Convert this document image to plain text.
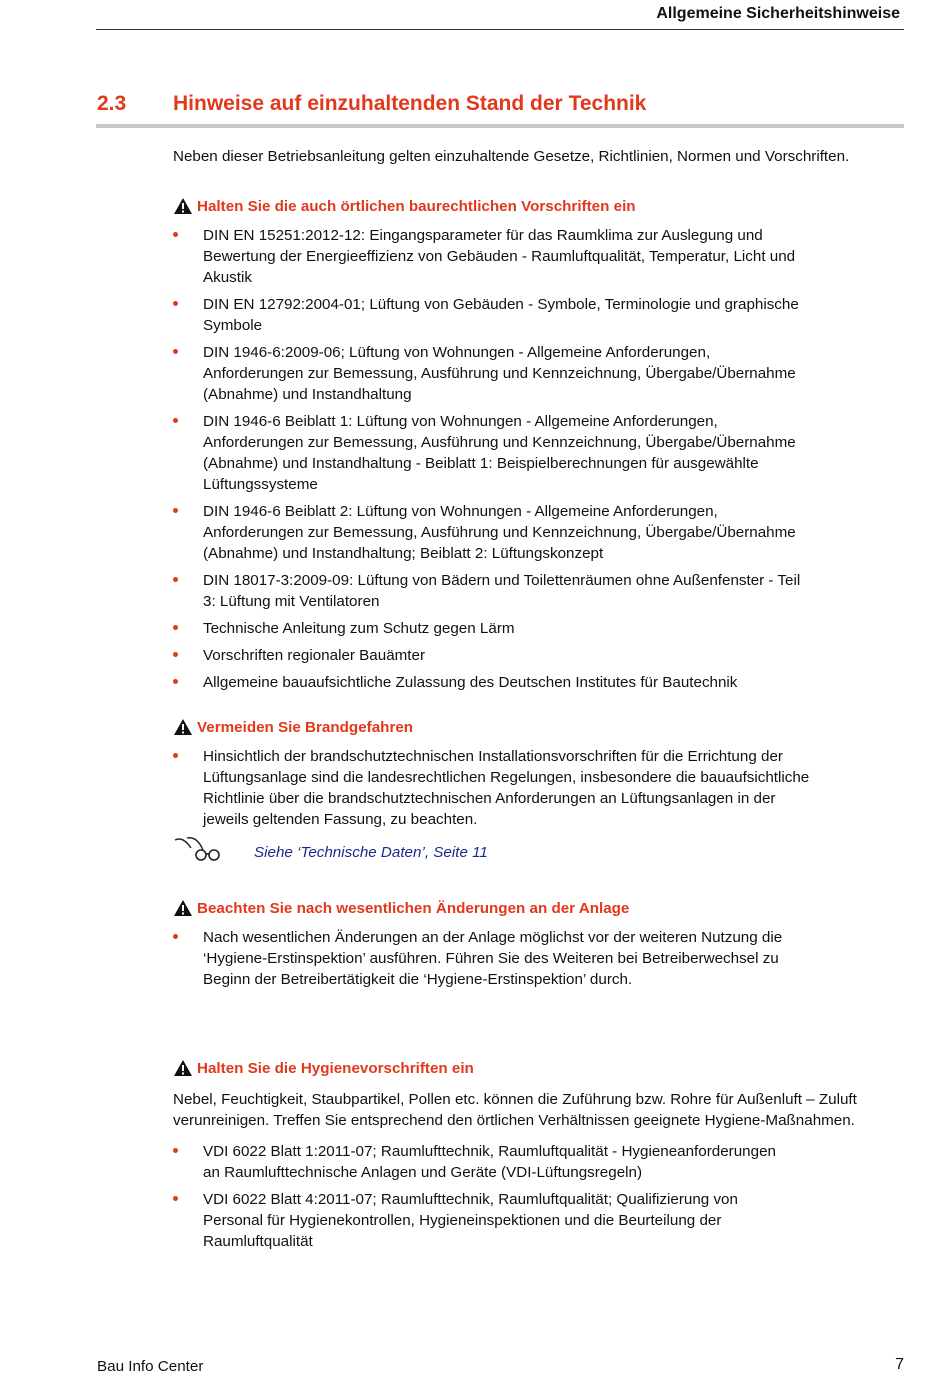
Allgemeine Sicherheitshinweise
2.3 Hinweise auf einzuhaltenden Stand der Technik
Neben dieser Betriebsanleitung gelten einzuhaltende Gesetze, Richtlinien, Normen und Vorschriften.
Halten Sie die auch örtlichen baurechtlichen Vorschriften ein
DIN EN 15251:2012-12: Eingangsparameter für das Raumklima zur Auslegung und Bewertung der Energieeffizienz von Gebäuden - Raumluftqualität, Temperatur, Licht und Akustik
DIN EN 12792:2004-01; Lüftung von Gebäuden - Symbole, Terminologie und graphische Symbole
DIN 1946-6:2009-06; Lüftung von Wohnungen - Allgemeine Anforderungen, Anforderungen zur Bemessung, Ausführung und Kennzeichnung, Übergabe/Übernahme (Abnahme) und Instandhaltung
DIN 1946-6 Beiblatt 1: Lüftung von Wohnungen - Allgemeine Anforderungen, Anforderungen zur Bemessung, Ausführung und Kennzeichnung, Übergabe/Übernahme (Abnahme) und Instandhaltung - Beiblatt 1: Beispielberechnungen für ausgewählte Lüftungssysteme
DIN 1946-6 Beiblatt 2: Lüftung von Wohnungen - Allgemeine Anforderungen, Anforderungen zur Bemessung, Ausführung und Kennzeichnung, Übergabe/Übernahme (Abnahme) und Instandhaltung; Beiblatt 2: Lüftungskonzept
DIN 18017-3:2009-09: Lüftung von Bädern und Toilettenräumen ohne Außenfenster - Teil 3: Lüftung mit Ventilatoren
Technische Anleitung zum Schutz gegen Lärm
Vorschriften regionaler Bauämter
Allgemeine bauaufsichtliche Zulassung des Deutschen Institutes für Bautechnik
Vermeiden Sie Brandgefahren
Hinsichtlich der brandschutztechnischen Installationsvorschriften für die Errichtung der Lüftungsanlage sind die landesrechtlichen Regelungen, insbesondere die bauaufsichtliche Richtlinie über die brandschutztechnischen Anforderungen an Lüftungsanlagen in der jeweils geltenden Fassung, zu beachten.
Siehe ‘Technische Daten’, Seite 11
Beachten Sie nach wesentlichen Änderungen an der Anlage
Nach wesentlichen Änderungen an der Anlage möglichst vor der weiteren Nutzung die ‘Hygiene-Erstinspektion’ ausführen. Führen Sie des Weiteren bei Betreiberwechsel zu Beginn der Betreibertätigkeit die ‘Hygiene-Erstinspektion’ durch.
Halten Sie die Hygienevorschriften ein
Nebel, Feuchtigkeit, Staubpartikel, Pollen etc. können die Zuführung bzw. Rohre für Außenluft – Zuluft verunreinigen. Treffen Sie entsprechend den örtlichen Verhältnissen geeignete Hygiene-Maßnahmen.
VDI 6022 Blatt 1:2011-07; Raumlufttechnik, Raumluftqualität - Hygieneanforderungen an Raumlufttechnische Anlagen und Geräte (VDI-Lüftungsregeln)
VDI 6022 Blatt 4:2011-07; Raumlufttechnik, Raumluftqualität; Qualifizierung von Personal für Hygienekontrollen, Hygieneinspektionen und die Beurteilung der Raumluftqualität
Bau Info Center	7
